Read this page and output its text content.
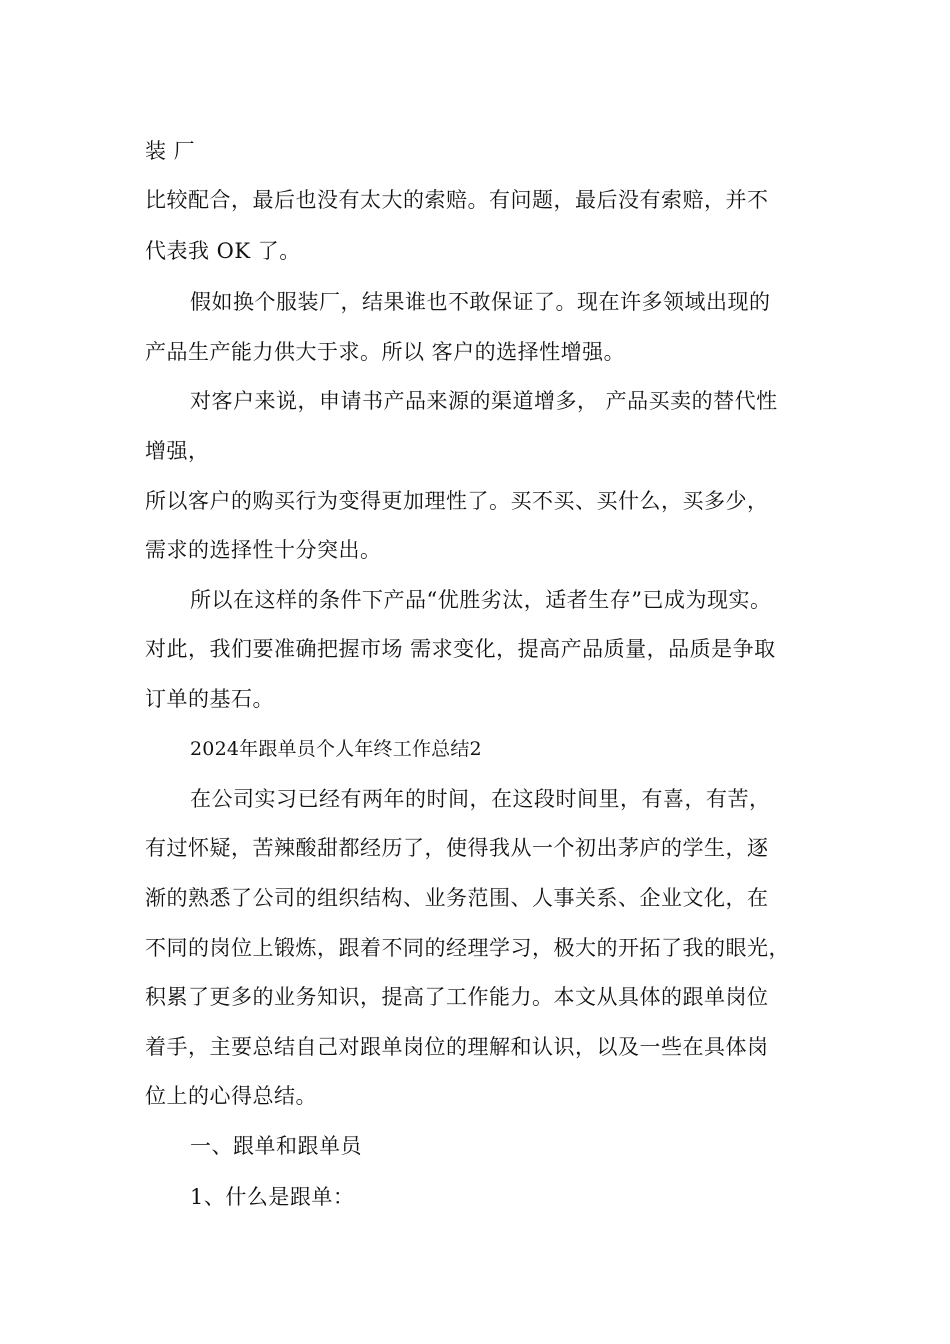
装 厂
比较配合，最后也没有太大的索赔。有问题，最后没有索赔，并不
代表我 OK 了。
假如换个服装厂，结果谁也不敢保证了。现在许多领域出现的
产品生产能力供大于求。所以 客户的选择性增强。
对客户来说，申请书产品来源的渠道增多， 产品买卖的替代性
增强，
所以客户的购买行为变得更加理性了。买不买、买什么，买多少，
需求的选择性十分突出。
所以在这样的条件下产品“优胜劣汰，适者生存”已成为现实。
对此，我们要准确把握市场 需求变化，提高产品质量，品质是争取
订单的基石。
2024年跟单员个人年终工作总结2
在公司实习已经有两年的时间，在这段时间里，有喜，有苦，
有过怀疑，苦辣酸甜都经历了，使得我从一个初出茅庐的学生，逐
渐的熟悉了公司的组织结构、业务范围、人事关系、企业文化，在
不同的岗位上锻炼，跟着不同的经理学习，极大的开拓了我的眼光，
积累了更多的业务知识，提高了工作能力。本文从具体的跟单岗位
着手，主要总结自己对跟单岗位的理解和认识，以及一些在具体岗
位上的心得总结。
一、跟单和跟单员
1、什么是跟单：
